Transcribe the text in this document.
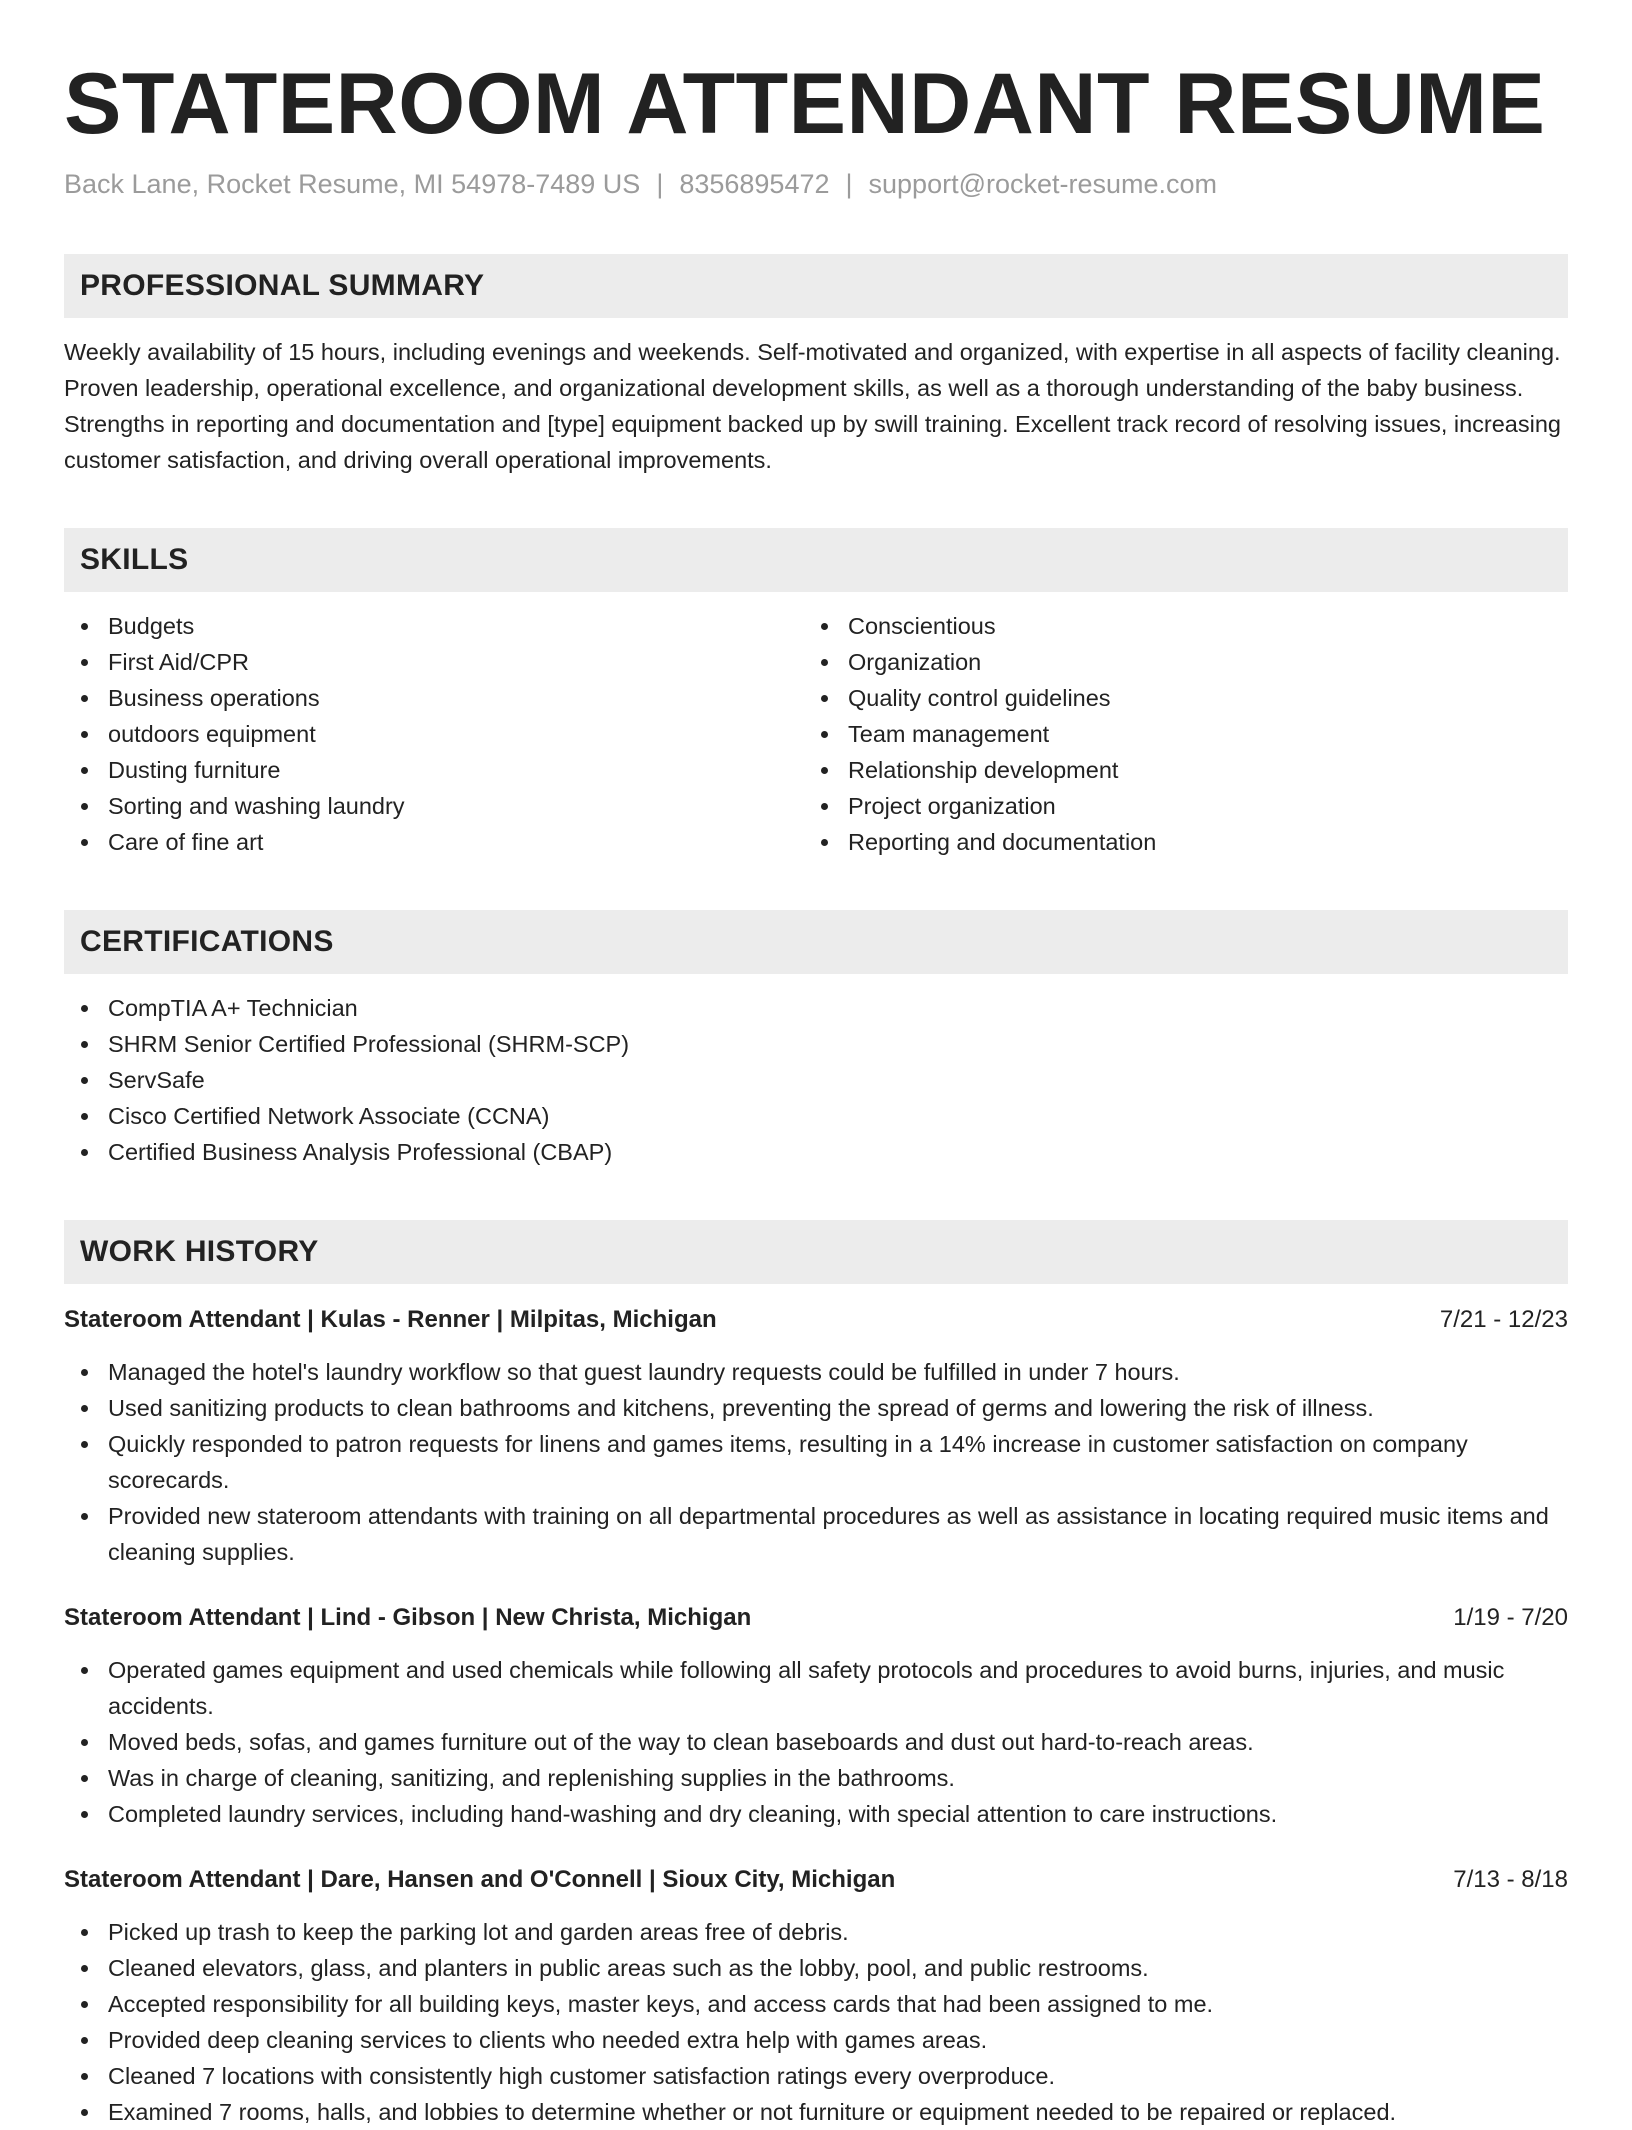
STATEROOM ATTENDANT RESUME
Back Lane, Rocket Resume, MI 54978-7489 US | 8356895472 | support@rocket-resume.com
PROFESSIONAL SUMMARY
Weekly availability of 15 hours, including evenings and weekends. Self-motivated and organized, with expertise in all aspects of facility cleaning. Proven leadership, operational excellence, and organizational development skills, as well as a thorough understanding of the baby business. Strengths in reporting and documentation and [type] equipment backed up by swill training. Excellent track record of resolving issues, increasing customer satisfaction, and driving overall operational improvements.
SKILLS
Budgets
First Aid/CPR
Business operations
outdoors equipment
Dusting furniture
Sorting and washing laundry
Care of fine art
Conscientious
Organization
Quality control guidelines
Team management
Relationship development
Project organization
Reporting and documentation
CERTIFICATIONS
CompTIA A+ Technician
SHRM Senior Certified Professional (SHRM-SCP)
ServSafe
Cisco Certified Network Associate (CCNA)
Certified Business Analysis Professional (CBAP)
WORK HISTORY
Stateroom Attendant | Kulas - Renner | Milpitas, Michigan	7/21 - 12/23
Managed the hotel's laundry workflow so that guest laundry requests could be fulfilled in under 7 hours.
Used sanitizing products to clean bathrooms and kitchens, preventing the spread of germs and lowering the risk of illness.
Quickly responded to patron requests for linens and games items, resulting in a 14% increase in customer satisfaction on company scorecards.
Provided new stateroom attendants with training on all departmental procedures as well as assistance in locating required music items and cleaning supplies.
Stateroom Attendant | Lind - Gibson | New Christa, Michigan	1/19 - 7/20
Operated games equipment and used chemicals while following all safety protocols and procedures to avoid burns, injuries, and music accidents.
Moved beds, sofas, and games furniture out of the way to clean baseboards and dust out hard-to-reach areas.
Was in charge of cleaning, sanitizing, and replenishing supplies in the bathrooms.
Completed laundry services, including hand-washing and dry cleaning, with special attention to care instructions.
Stateroom Attendant | Dare, Hansen and O'Connell | Sioux City, Michigan	7/13 - 8/18
Picked up trash to keep the parking lot and garden areas free of debris.
Cleaned elevators, glass, and planters in public areas such as the lobby, pool, and public restrooms.
Accepted responsibility for all building keys, master keys, and access cards that had been assigned to me.
Provided deep cleaning services to clients who needed extra help with games areas.
Cleaned 7 locations with consistently high customer satisfaction ratings every overproduce.
Examined 7 rooms, halls, and lobbies to determine whether or not furniture or equipment needed to be repaired or replaced.
